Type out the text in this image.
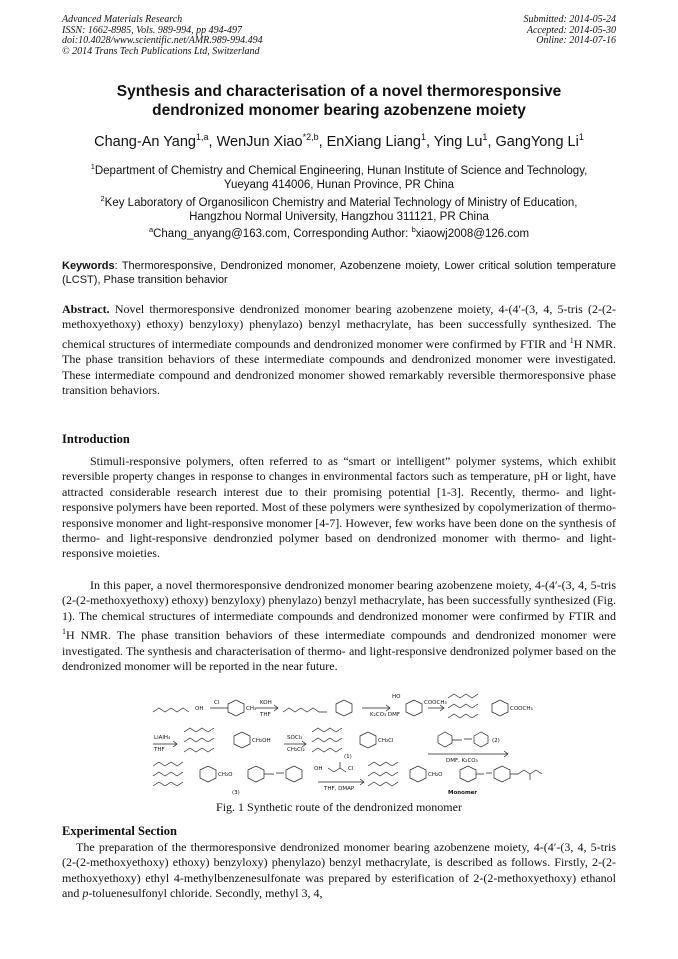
Advanced Materials Research
ISSN: 1662-8985, Vols. 989-994, pp 494-497
doi:10.4028/www.scientific.net/AMR.989-994.494
© 2014 Trans Tech Publications Ltd, Switzerland
Submitted: 2014-05-24
Accepted: 2014-05-30
Online: 2014-07-16
Synthesis and characterisation of a novel thermoresponsive
dendronized monomer bearing azobenzene moiety
Chang-An Yang$^{1,a}$, WenJun Xiao$^{*2,b}$, EnXiang Liang$^1$, Ying Lu$^1$, GangYong Li$^1$
$^1$Department of Chemistry and Chemical Engineering, Hunan Institute of Science and Technology,
Yueyang 414006, Hunan Province, PR China
$^2$Key Laboratory of Organosilicon Chemistry and Material Technology of Ministry of Education,
Hangzhou Normal University, Hangzhou 311121, PR China
$^a$Chang_anyang@163.com, Corresponding Author: $^b$xiaowj2008@126.com
Keywords: Thermoresponsive, Dendronized monomer, Azobenzene moiety, Lower critical solution temperature (LCST), Phase transition behavior
Abstract. Novel thermoresponsive dendronized monomer bearing azobenzene moiety, 4-(4′-(3, 4, 5-tris (2-(2-methoxyethoxy) ethoxy) benzyloxy) phenylazo) benzyl methacrylate, has been successfully synthesized. The chemical structures of intermediate compounds and dendronized monomer were confirmed by FTIR and $^1$H NMR. The phase transition behaviors of these intermediate compounds and dendronized monomer were investigated. These intermediate compound and dendronized monomer showed remarkably reversible thermoresponsive phase transition behaviors.
Introduction
Stimuli-responsive polymers, often referred to as “smart or intelligent” polymer systems, which exhibit reversible property changes in response to changes in environmental factors such as temperature, pH or light, have attracted considerable research interest due to their promising potential [1-3]. Recently, thermo- and light-responsive polymers have been reported. Most of these polymers were synthesized by copolymerization of thermo-responsive monomer and light-responsive monomer [4-7]. However, few works have been done on the synthesis of thermo- and light-responsive dendronzied polymer based on dendronized monomer with thermo- and light-responsive moieties.
In this paper, a novel thermoresponsive dendronized monomer bearing azobenzene moiety, 4-(4′-(3, 4, 5-tris (2-(2-methoxyethoxy) ethoxy) benzyloxy) phenylazo) benzyl methacrylate, has been successfully synthesized (Fig. 1). The chemical structures of intermediate compounds and dendronized monomer were confirmed by FTIR and $^1$H NMR. The phase transition behaviors of these intermediate compounds and dendronized monomer were investigated. The synthesis and characterisation of thermo- and light-responsive dendronized polymer based on the dendronized monomer will be reported in the near future.
OH
Cl
CH₃
KOH
THF
HO
COOCH₃
K₂CO₃ DMF
COOCH₃
LiAlH₄
THF
CH₂OH	SOCl₂
CH₂Cl₂
CH₂Cl
(1)
(2)
DMF, K₂CO₃
CH₂O
OH	Cl
THF, DMAP
(3)
CH₂O
Monomer
Fig. 1 Synthetic route of the dendronized monomer
Experimental Section
The preparation of the thermoresponsive dendronized monomer bearing azobenzene moiety, 4-(4′-(3, 4, 5-tris (2-(2-methoxyethoxy) ethoxy) benzyloxy) phenylazo) benzyl methacrylate, is described as follows. Firstly, 2-(2-methoxyethoxy) ethyl 4-methylbenzenesulfonate was prepared by esterification of 2-(2-methoxyethoxy) ethanol and p-toluenesulfonyl chloride. Secondly, methyl 3, 4,
